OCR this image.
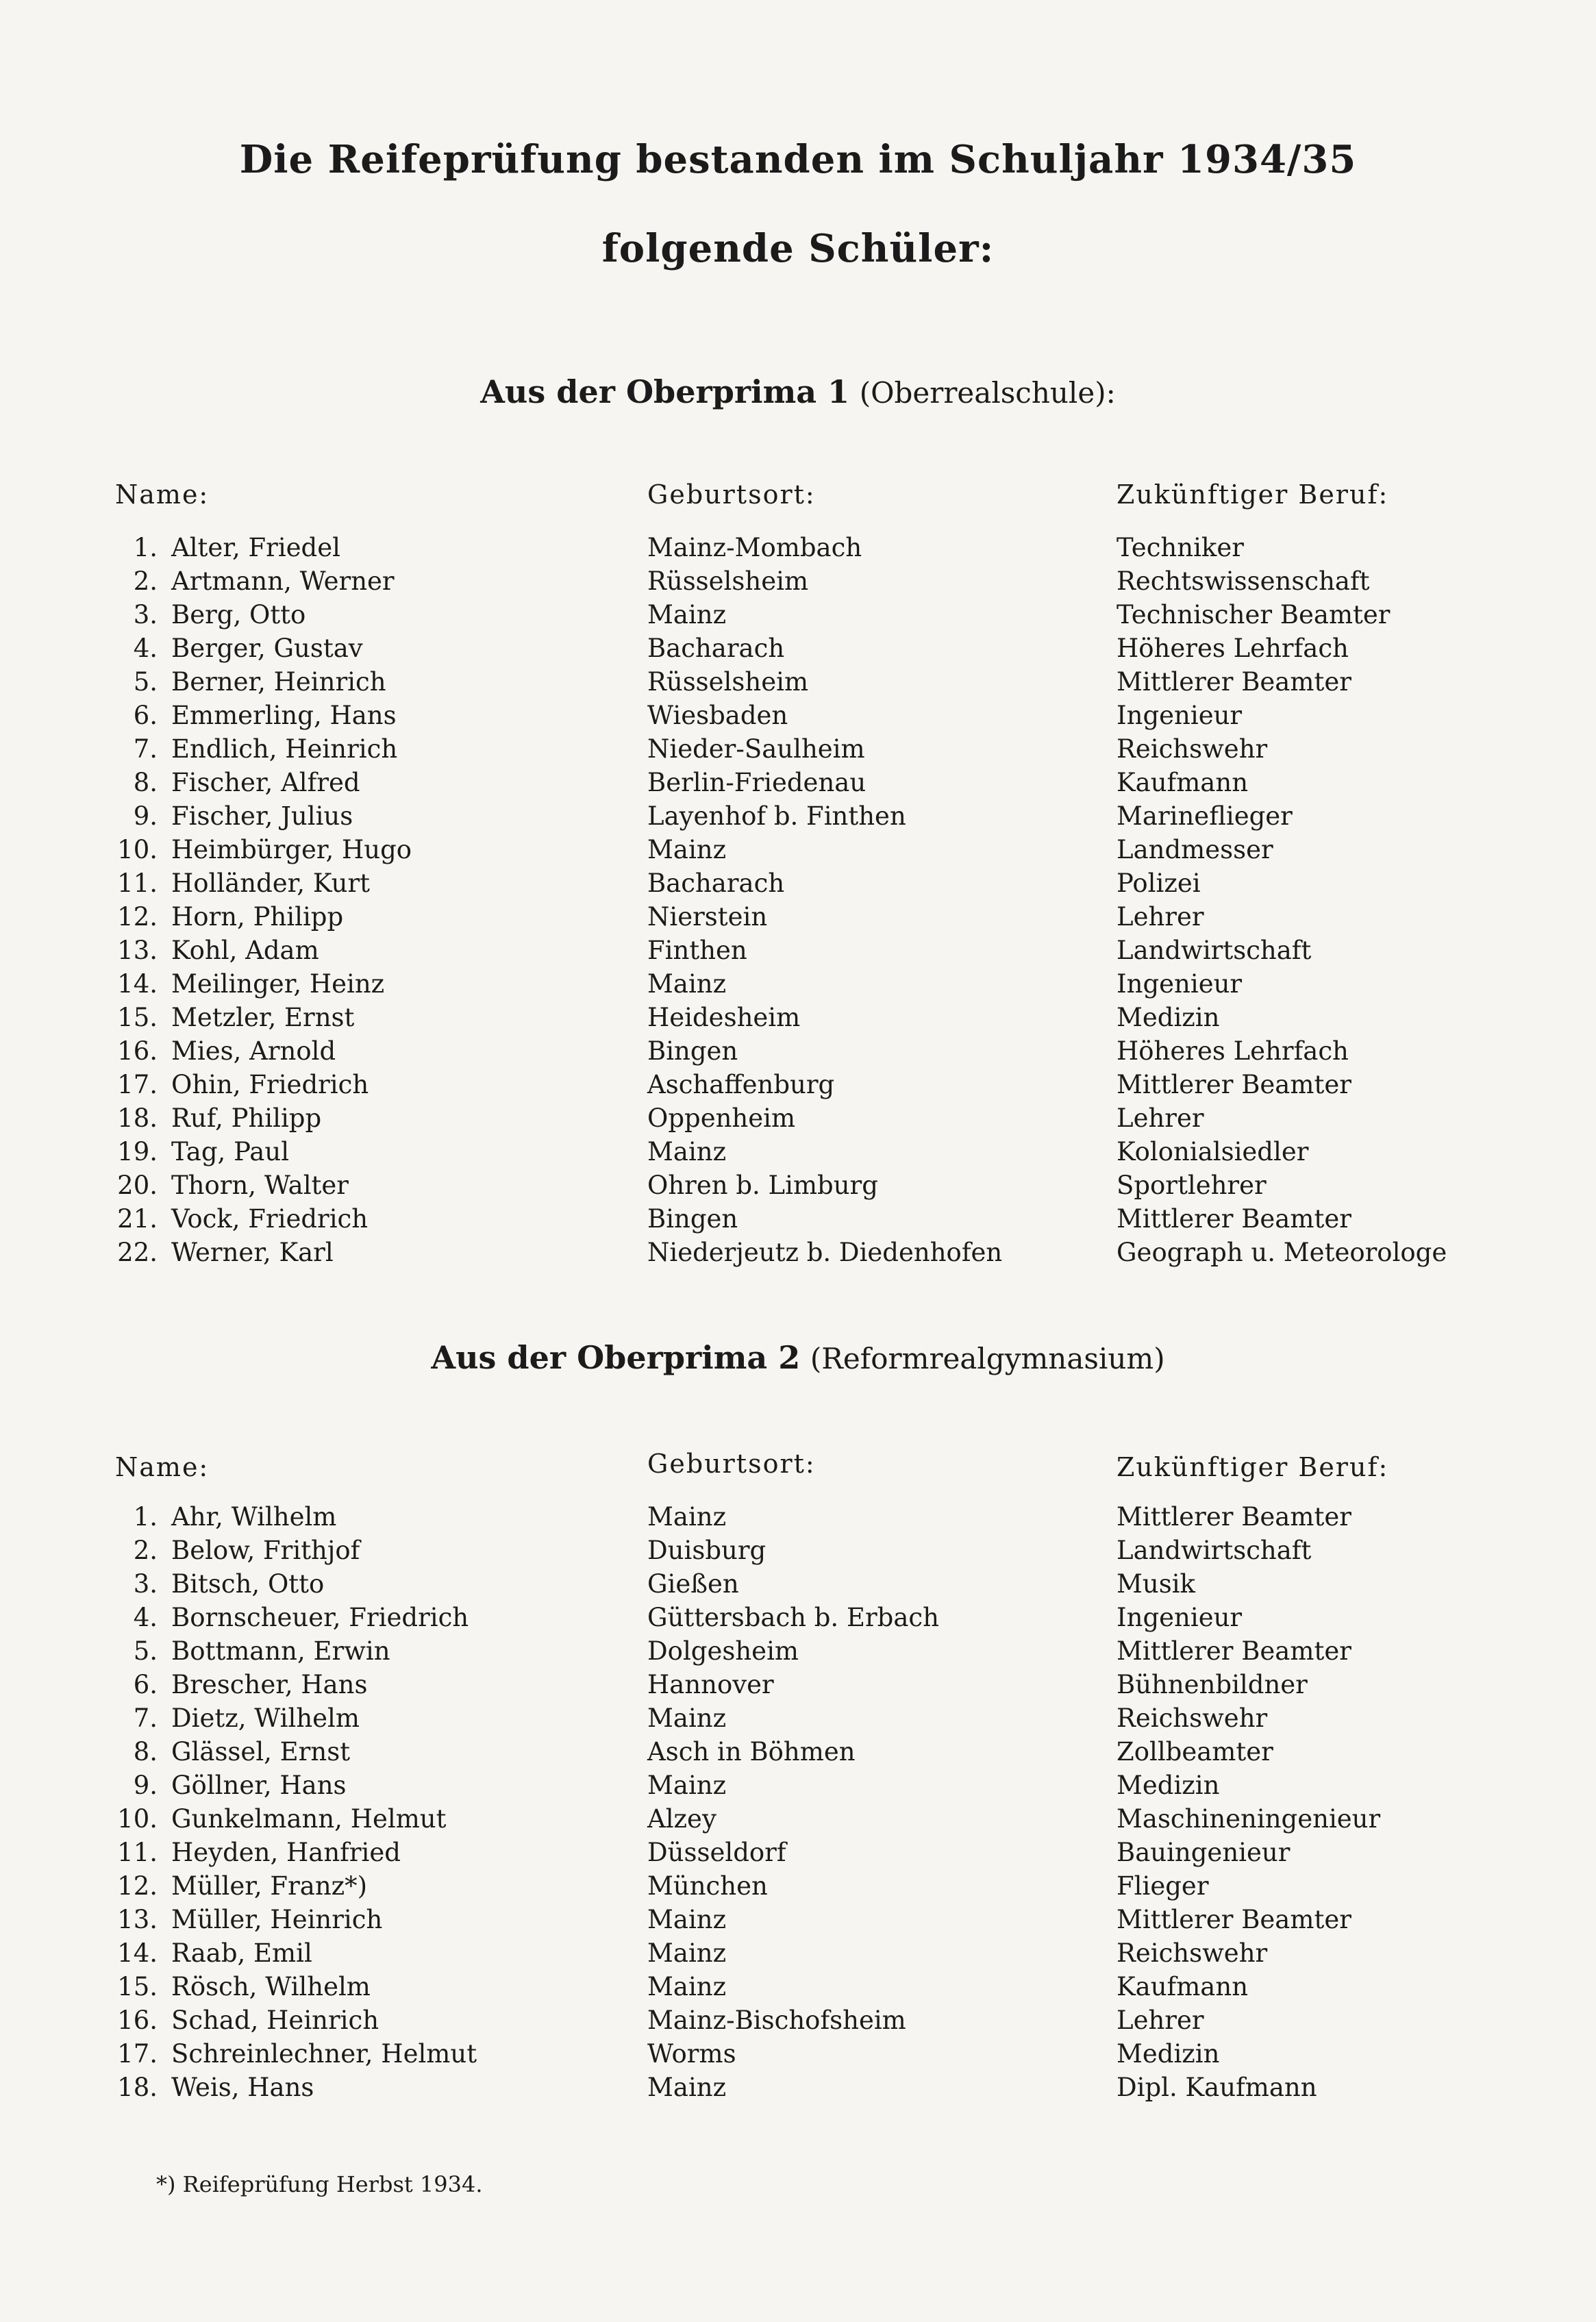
Die Reifeprüfung bestanden im Schuljahr 1934/35
folgende Schüler:
Aus der Oberprima 1 (Oberrealschule):
Name:	Geburtsort:	Zukünftiger Beruf:
1. Alter, Friedel	Mainz-Mombach	Techniker
2. Artmann, Werner	Rüsselsheim	Rechtswissenschaft
3. Berg, Otto	Mainz	Technischer Beamter
4. Berger, Gustav	Bacharach	Höheres Lehrfach
5. Berner, Heinrich	Rüsselsheim	Mittlerer Beamter
6. Emmerling, Hans	Wiesbaden	Ingenieur
7. Endlich, Heinrich	Nieder-Saulheim	Reichswehr
8. Fischer, Alfred	Berlin-Friedenau	Kaufmann
9. Fischer, Julius	Layenhof b. Finthen	Marineflieger
10. Heimbürger, Hugo	Mainz	Landmesser
11. Holländer, Kurt	Bacharach	Polizei
12. Horn, Philipp	Nierstein	Lehrer
13. Kohl, Adam	Finthen	Landwirtschaft
14. Meilinger, Heinz	Mainz	Ingenieur
15. Metzler, Ernst	Heidesheim	Medizin
16. Mies, Arnold	Bingen	Höheres Lehrfach
17. Ohin, Friedrich	Aschaffenburg	Mittlerer Beamter
18. Ruf, Philipp	Oppenheim	Lehrer
19. Tag, Paul	Mainz	Kolonialsiedler
20. Thorn, Walter	Ohren b. Limburg	Sportlehrer
21. Vock, Friedrich	Bingen	Mittlerer Beamter
22. Werner, Karl	Niederjeutz b. Diedenhofen	Geograph u. Meteorologe
Aus der Oberprima 2 (Reformrealgymnasium)
Name:	Geburtsort:	Zukünftiger Beruf:
1. Ahr, Wilhelm	Mainz	Mittlerer Beamter
2. Below, Frithjof	Duisburg	Landwirtschaft
3. Bitsch, Otto	Gießen	Musik
4. Bornscheuer, Friedrich	Güttersbach b. Erbach	Ingenieur
5. Bottmann, Erwin	Dolgesheim	Mittlerer Beamter
6. Brescher, Hans	Hannover	Bühnenbildner
7. Dietz, Wilhelm	Mainz	Reichswehr
8. Glässel, Ernst	Asch in Böhmen	Zollbeamter
9. Göllner, Hans	Mainz	Medizin
10. Gunkelmann, Helmut	Alzey	Maschineningenieur
11. Heyden, Hanfried	Düsseldorf	Bauingenieur
12. Müller, Franz*)	München	Flieger
13. Müller, Heinrich	Mainz	Mittlerer Beamter
14. Raab, Emil	Mainz	Reichswehr
15. Rösch, Wilhelm	Mainz	Kaufmann
16. Schad, Heinrich	Mainz-Bischofsheim	Lehrer
17. Schreinlechner, Helmut	Worms	Medizin
18. Weis, Hans	Mainz	Dipl. Kaufmann
*) Reifeprüfung Herbst 1934.
